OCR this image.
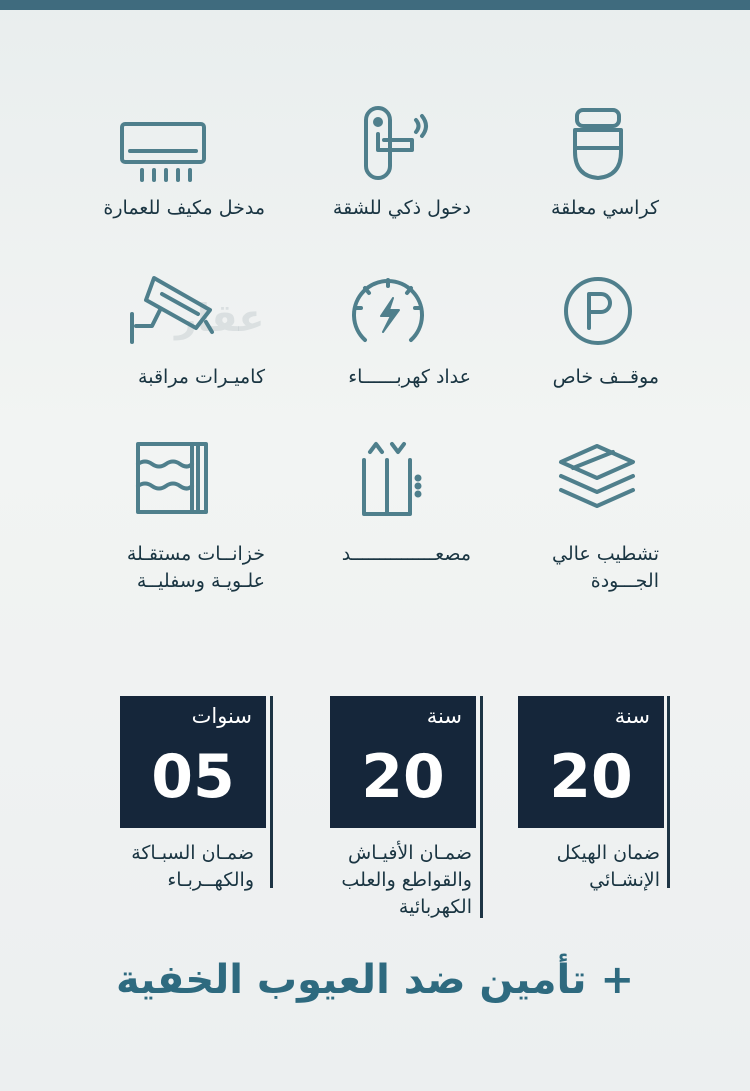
عقار
مدخل مكيف للعمارة	دخول ذكي للشقة	كراسي معلقة
كاميـرات مراقبة	عداد كهربــــــاء	موقــف خاص
خزانــات مستقـلة
علـويـة وسفليــة
مصعـــــــــــــــد	تشطيب عالي
الجـــودة
سنوات
05
ضمـان السبـاكة
والكهــربـاء
سنة
20
ضمـان الأفيـاش
والقواطع والعلب
الكهربائية
سنة
20
ضمان الهيكل
الإنشـائي
+ تأمين ضد العيوب الخفية
